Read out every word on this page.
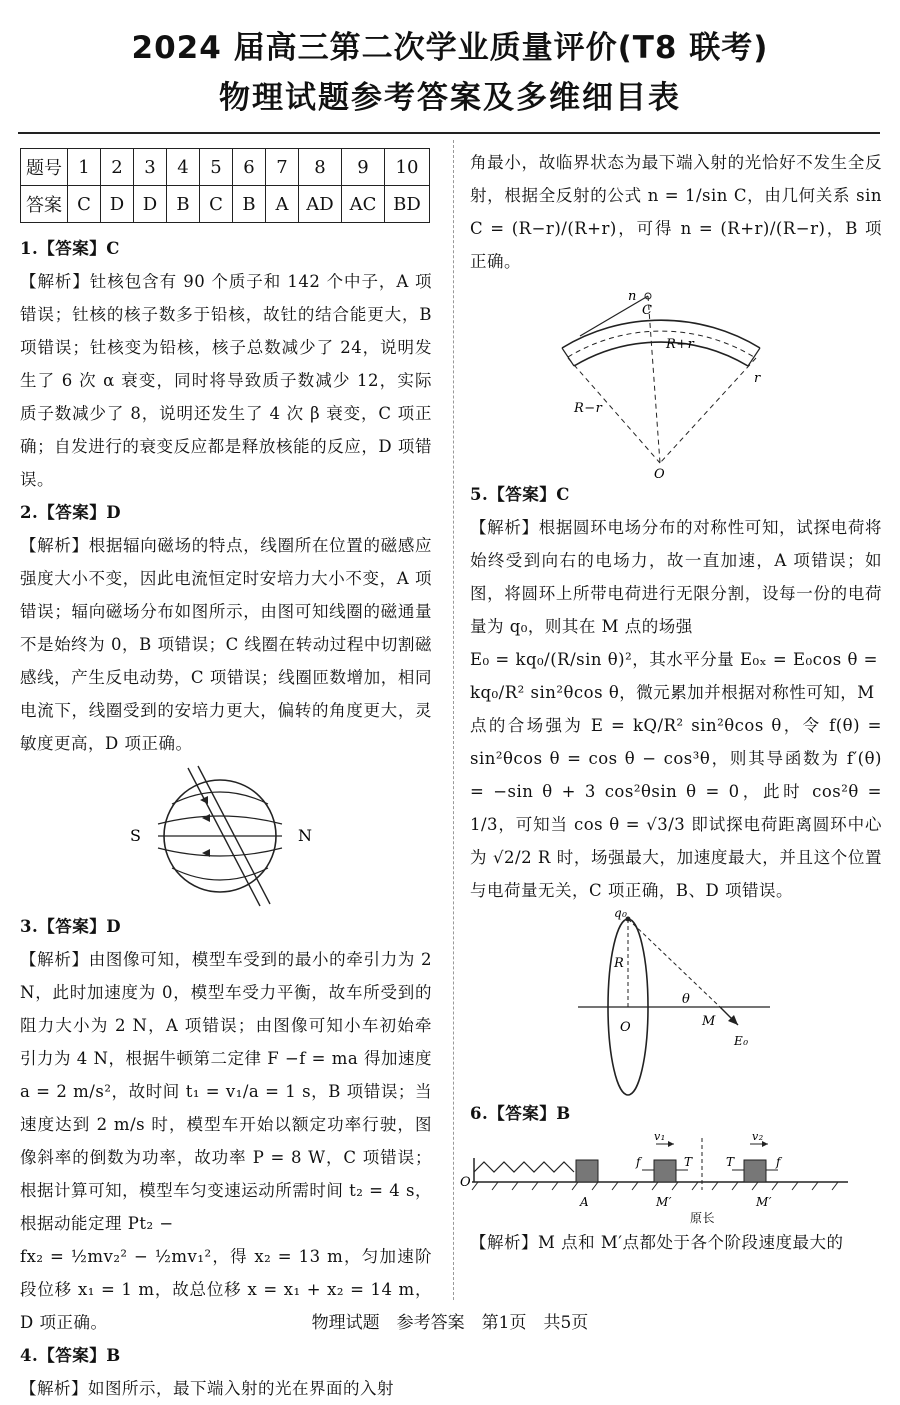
2024 届高三第二次学业质量评价(T8 联考)
物理试题参考答案及多维细目表
题号	1	2	3	4	5	6	7	8	9	10
答案	C	D	D	B	C	B	A	AD	AC	BD

1.【答案】C

【解析】钍核包含有 90 个质子和 142 个中子，A 项错误；钍核的核子数多于铅核，故钍的结合能更大，B 项错误；钍核变为铅核，核子总数减少了 24，说明发生了 6 次 α 衰变，同时将导致质子数减少 12，实际质子数减少了 8，说明还发生了 4 次 β 衰变，C 项正确；自发进行的衰变反应都是释放核能的反应，D 项错误。

2.【答案】D

【解析】根据辐向磁场的特点，线圈所在位置的磁感应强度大小不变，因此电流恒定时安培力大小不变，A 项错误；辐向磁场分布如图所示，由图可知线圈的磁通量不是始终为 0，B 项错误；C 线圈在转动过程中切割磁感线，产生反电动势，C 项错误；线圈匝数增加，相同电流下，线圈受到的安培力更大，偏转的角度更大，灵敏度更高，D 项正确。

S	N

3.【答案】D

【解析】由图像可知，模型车受到的最小的牵引力为 2 N，此时加速度为 0，模型车受力平衡，故车所受到的阻力大小为 2 N，A 项错误；由图像可知小车初始牵引力为 4 N，根据牛顿第二定律 F −f = ma 得加速度 a = 2 m/s²，故时间 t₁ = v₁/a = 1 s，B 项错误；当速度达到 2 m/s 时，模型车开始以额定功率行驶，图像斜率的倒数为功率，故功率 P = 8 W，C 项错误；根据计算可知，模型车匀变速运动所需时间 t₂ = 4 s，根据动能定理 Pt₂ −

fx₂ = ½mv₂² − ½mv₁²，得 x₂ = 13 m，匀加速阶段位移 x₁ = 1 m，故总位移 x = x₁ + x₂ = 14 m，D 项正确。

4.【答案】B

【解析】如图所示，最下端入射的光在界面的入射

角最小，故临界状态为最下端入射的光恰好不发生全反射，根据全反射的公式 n = 1/sin C，由几何关系 sin C = (R−r)/(R+r)，可得 n = (R+r)/(R−r)，B 项正确。

n
C
R+r
R−r
r
O

5.【答案】C

【解析】根据圆环电场分布的对称性可知，试探电荷将始终受到向右的电场力，故一直加速，A 项错误；如图，将圆环上所带电荷进行无限分割，设每一份的电荷量为 q₀，则其在 M 点的场强

E₀ = kq₀/(R/sin θ)²，其水平分量 E₀ₓ = E₀cos θ =

kq₀/R² sin²θcos θ，微元累加并根据对称性可知，M

点的合场强为 E = kQ/R² sin²θcos θ，令 f(θ) = sin²θcos θ = cos θ − cos³θ，则其导函数为 f′(θ) = −sin θ + 3 cos²θsin θ = 0，此时 cos²θ = 1/3，可知当 cos θ = √3/3 即试探电荷距离圆环中心为 √2/2 R 时，场强最大，加速度最大，并且这个位置与电荷量无关，C 项正确，B、D 项错误。

q₀
R
O
θ
M
E₀

6.【答案】B

O
A	M′
原长
M′
v₁	v₂
f	T	T	f

【解析】M 点和 M′点都处于各个阶段速度最大的

物理试题　参考答案　第1页　共5页
